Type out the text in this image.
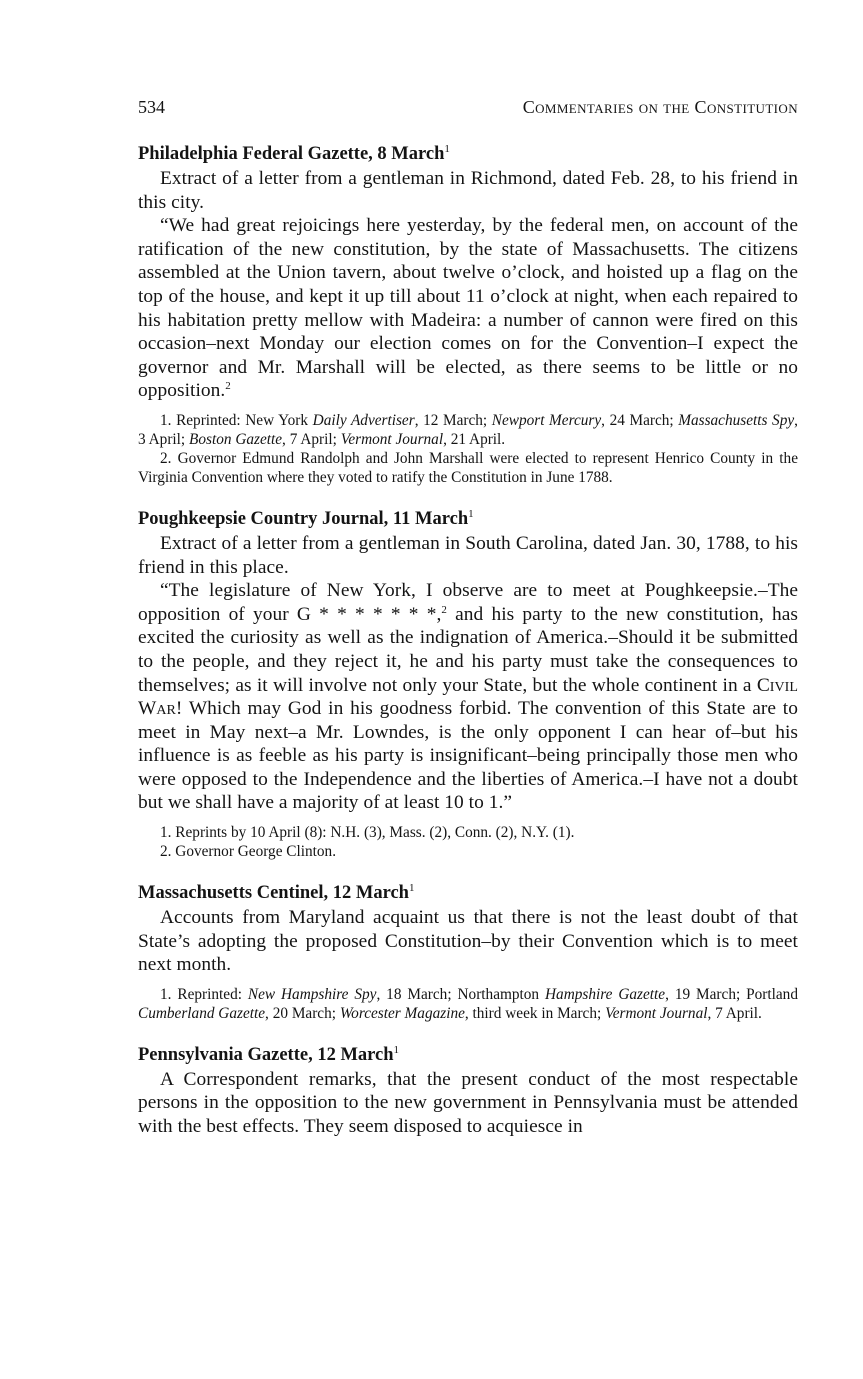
534	Commentaries on the Constitution
Philadelphia Federal Gazette, 8 March$^1$

Extract of a letter from a gentleman in Richmond, dated Feb. 28, to his friend in this city.

“We had great rejoicings here yesterday, by the federal men, on account of the ratification of the new constitution, by the state of Massachusetts. The citizens assembled at the Union tavern, about twelve o’clock, and hoisted up a flag on the top of the house, and kept it up till about 11 o’clock at night, when each repaired to his habitation pretty mellow with Madeira: a number of cannon were fired on this occasion–next Monday our election comes on for the Convention–I expect the governor and Mr. Marshall will be elected, as there seems to be little or no opposition.$^2$

1. Reprinted: New York Daily Advertiser, 12 March; Newport Mercury, 24 March; Massachusetts Spy, 3 April; Boston Gazette, 7 April; Vermont Journal, 21 April.

2. Governor Edmund Randolph and John Marshall were elected to represent Henrico County in the Virginia Convention where they voted to ratify the Constitution in June 1788.

Poughkeepsie Country Journal, 11 March$^1$

Extract of a letter from a gentleman in South Carolina, dated Jan. 30, 1788, to his friend in this place.

“The legislature of New York, I observe are to meet at Poughkeepsie.–The opposition of your G * * * * * * *,$^2$ and his party to the new constitution, has excited the curiosity as well as the indignation of America.–Should it be submitted to the people, and they reject it, he and his party must take the consequences to themselves; as it will involve not only your State, but the whole continent in a Civil War! Which may God in his goodness forbid. The convention of this State are to meet in May next–a Mr. Lowndes, is the only opponent I can hear of–but his influence is as feeble as his party is insignificant–being principally those men who were opposed to the Independence and the liberties of America.–I have not a doubt but we shall have a majority of at least 10 to 1.”

1. Reprints by 10 April (8): N.H. (3), Mass. (2), Conn. (2), N.Y. (1).

2. Governor George Clinton.

Massachusetts Centinel, 12 March$^1$

Accounts from Maryland acquaint us that there is not the least doubt of that State’s adopting the proposed Constitution–by their Convention which is to meet next month.

1. Reprinted: New Hampshire Spy, 18 March; Northampton Hampshire Gazette, 19 March; Portland Cumberland Gazette, 20 March; Worcester Magazine, third week in March; Vermont Journal, 7 April.

Pennsylvania Gazette, 12 March$^1$

A Correspondent remarks, that the present conduct of the most respectable persons in the opposition to the new government in Pennsylvania must be attended with the best effects. They seem disposed to acquiesce in
